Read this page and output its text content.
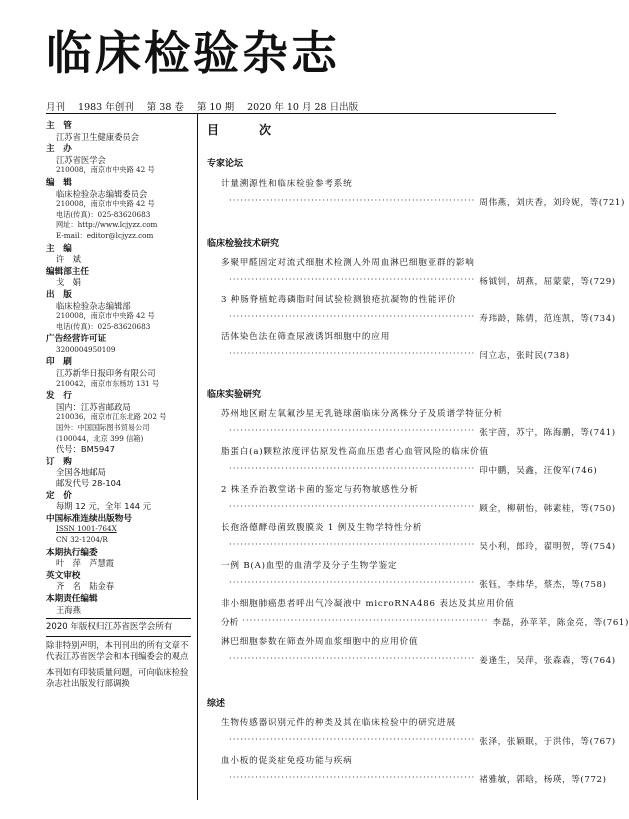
临床检验杂志
月刊 1983 年创刊 第 38 卷 第 10 期 2020 年 10 月 28 日出版
主　管
江苏省卫生健康委员会
主　办
江苏省医学会
210008，南京市中央路 42 号
编　辑
临床检验杂志编辑委员会
210008，南京市中央路 42 号
电话(传真)：025-83620683
网址：http://www.lcjyzz.com
E-mail：editor@lcjyzz.com
主　编
许　斌
编辑部主任
戈　娟
出　版
临床检验杂志编辑部
210008，南京市中央路 42 号
电话(传真)：025-83620683
广告经营许可证
3200004950109
印　刷
江苏新华日报印务有限公司
210042，南京市东杨坊 131 号
发　行
国内：江苏省邮政局
210036，南京市江东北路 202 号
国外：中国国际图书贸易公司
(100044，北京 399 信箱)
代号：BM5947
订　购
全国各地邮局
邮发代号 28-104
定　价
每期 12 元，全年 144 元
中国标准连续出版物号
ISSN 1001-764X
CN 32-1204/R
本期执行编委
叶　萍　芦慧霞
英文审校
齐　名　陆金春
本期责任编辑
王海燕
2020 年版权归江苏省医学会所有
除非特别声明，本刊刊出的所有文章不代表江苏省医学会和本刊编委会的观点
本刊如有印装质量问题，可向临床检验杂志社出版发行部调换
目　次
专家论坛
计量溯源性和临床检验参考系统
·································································· 周伟燕，刘庆香，刘玲妮，等(721)
临床检验技术研究
多聚甲醛固定对流式细胞术检测人外周血淋巴细胞亚群的影响
·································································· 杨钺钊，胡燕，屈蒙蒙，等(729)
3 种肠脊植蛇毒磷脂时间试验检测狼疮抗凝物的性能评价
·································································· 寿玮龄，陈倩，范连凯，等(734)
活体染色法在筛查尿液诱饵细胞中的应用
·································································· 闫立志，张时民(738)
临床实验研究
苏州地区耐左氧氟沙星无乳链球菌临床分离株分子及质谱学特征分析
·································································· 张宇茵，苏宁，陈海鹏，等(741)
脂蛋白(a)颗粒浓度评估原发性高血压患者心血管风险的临床价值
·································································· 印中鹏，吴鑫，汪俊军(746)
2 株圣乔治教堂诺卡菌的鉴定与药物敏感性分析
·································································· 顾全，柳朝怡，韩素桂，等(750)
长孢洛德酵母菌致腹膜炎 1 例及生物学特性分析
·································································· 吴小利，郎玲，翟明贺，等(754)
一例 B(A)血型的血清学及分子生物学鉴定
·································································· 张钰，李炜华，蔡杰，等(758)
非小细胞肺癌患者呼出气冷凝液中 microRNA486 表达及其应用价值
分析 ·································································· 李磊，孙苹苹，陈金亮，等(761)
淋巴细胞参数在筛查外周血浆细胞中的应用价值
·································································· 姜逢生，吴萍，张森森，等(764)
综述
生物传感器识别元件的种类及其在临床检验中的研究进展
·································································· 张泽，张颖眠，于洪伟，等(767)
血小板的促炎症免疫功能与疾病
·································································· 褚雅敏，郭晗，杨瑛，等(772)
